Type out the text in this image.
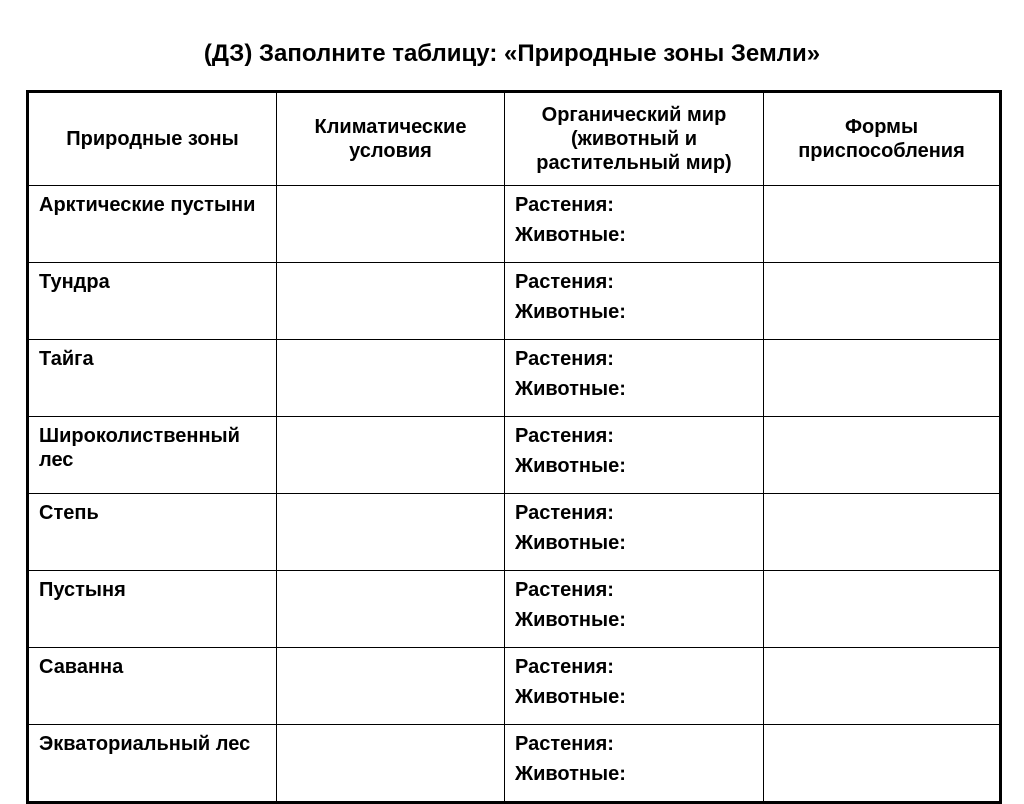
(ДЗ) Заполните таблицу: «Природные зоны Земли»
Природные зоны	Климатические условия	Органический мир (животный и растительный мир)	Формы приспособления
Арктические пустыни		Растения:
Животные:	

Тундра		Растения:
Животные:	

Тайга		Растения:
Животные:	

Широколиственный лес		Растения:
Животные:	

Степь		Растения:
Животные:	

Пустыня		Растения:
Животные:	

Саванна		Растения:
Животные:	

Экваториальный лес		Растения:
Животные:	
